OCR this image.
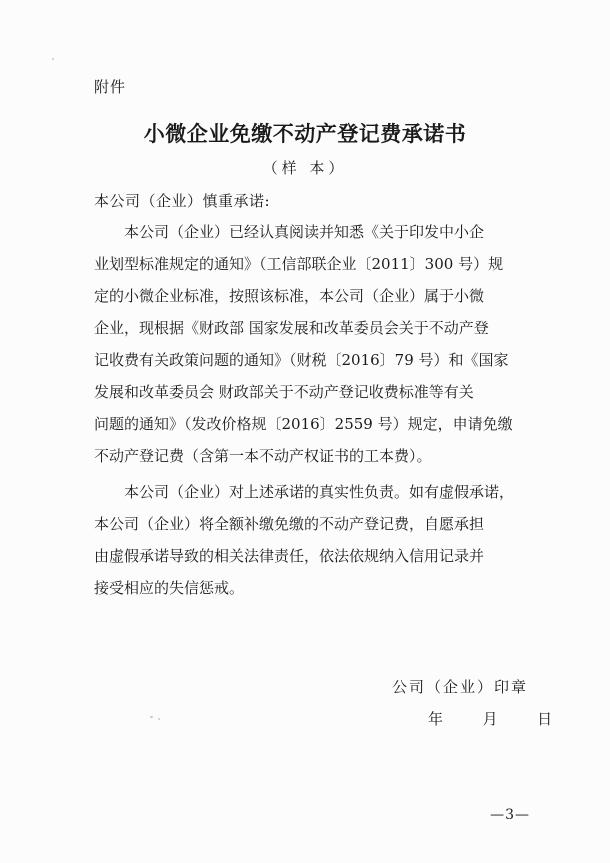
附件
小微企业免缴不动产登记费承诺书
（样 本）
本公司（企业）慎重承诺:
本公司（企业）已经认真阅读并知悉《关于印发中小企
业划型标准规定的通知》（工信部联企业〔2011〕300 号）规
定的小微企业标准，按照该标准，本公司（企业）属于小微
企业，现根据《财政部 国家发展和改革委员会关于不动产登
记收费有关政策问题的通知》（财税〔2016〕79 号）和《国家
发展和改革委员会 财政部关于不动产登记收费标准等有关
问题的通知》（发改价格规〔2016〕2559 号）规定，申请免缴
不动产登记费（含第一本不动产权证书的工本费）。
本公司（企业）对上述承诺的真实性负责。如有虚假承诺，
本公司（企业）将全额补缴免缴的不动产登记费，自愿承担
由虚假承诺导致的相关法律责任，依法依规纳入信用记录并
接受相应的失信惩戒。
公司（企业）印章
年	月	日
—3—
